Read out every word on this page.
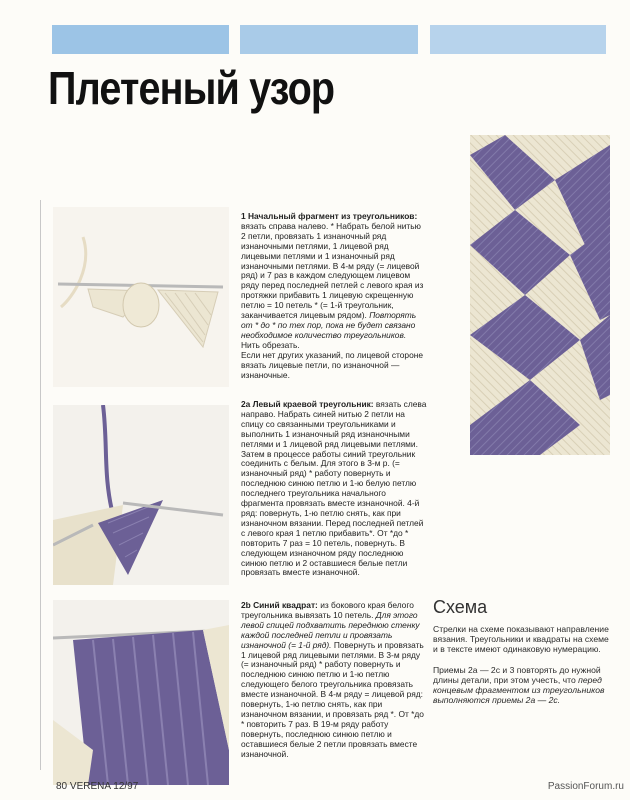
Плетеный узор
1 Начальный фрагмент из треугольников: вязать справа налево. * Набрать белой нитью 2 петли, провязать 1 изнаночный ряд изнаночными петлями, 1 лицевой ряд лицевыми петлями и 1 изнаночный ряд изнаночными петлями. В 4-м ряду (= лицевой ряд) и 7 раз в каждом следующем лицевом ряду перед последней петлей с левого края из протяжки прибавить 1 лицевую скрещенную петлю = 10 петель * (= 1-й треугольник, заканчивается лицевым рядом). Повторять от * до * по тех пор, пока не будет связано необходимое количество треугольников. Нить обрезать.
Если нет других указаний, по лицевой стороне вязать лицевые петли, по изнаночной — изнаночные.
2a Левый краевой треугольник: вязать слева направо. Набрать синей нитью 2 петли на спицу со связанными треугольниками и выполнить 1 изнаночный ряд изнаночными петлями и 1 лицевой ряд лицевыми петлями. Затем в процессе работы синий треугольник соединить с белым. Для этого в 3-м р. (= изнаночный ряд) * работу повернуть и последнюю синюю петлю и 1-ю белую петлю последнего треугольника начального фрагмента провязать вместе изнаночной. 4-й ряд: повернуть, 1-ю петлю снять, как при изнаночном вязании. Перед последней петлей с левого края 1 петлю прибавить*. От *до * повторить 7 раз = 10 петель, повернуть. В следующем изнаночном ряду последнюю синюю петлю и 2 оставшиеся белые петли провязать вместе изнаночной.
2b Синий квадрат: из бокового края белого треугольника вывязать 10 петель. Для этого левой спицей подхватить переднюю стенку каждой последней петли и провязать изнаночной (= 1-й ряд). Повернуть и провязать 1 лицевой ряд лицевыми петлями. В 3-м ряду (= изнаночный ряд) * работу повернуть и последнюю синюю петлю и 1-ю петлю следующего белого треугольника провязать вместе изнаночной. В 4-м ряду = лицевой ряд: повернуть, 1-ю петлю снять, как при изнаночном вязании, и провязать ряд *. От *до * повторить 7 раз. В 19-м ряду работу повернуть, последнюю синюю петлю и оставшиеся белые 2 петли провязать вместе изнаночной.
Схема

Стрелки на схеме показывают направление вязания. Треугольники и квадраты на схеме и в тексте имеют одинаковую нумерацию.

Приемы 2а — 2c и 3 повторять до нужной длины детали, при этом учесть, что перед концевым фрагментом из треугольников выполняются приемы 2а — 2c.

80 VERENA 12/97	PassionForum.ru
